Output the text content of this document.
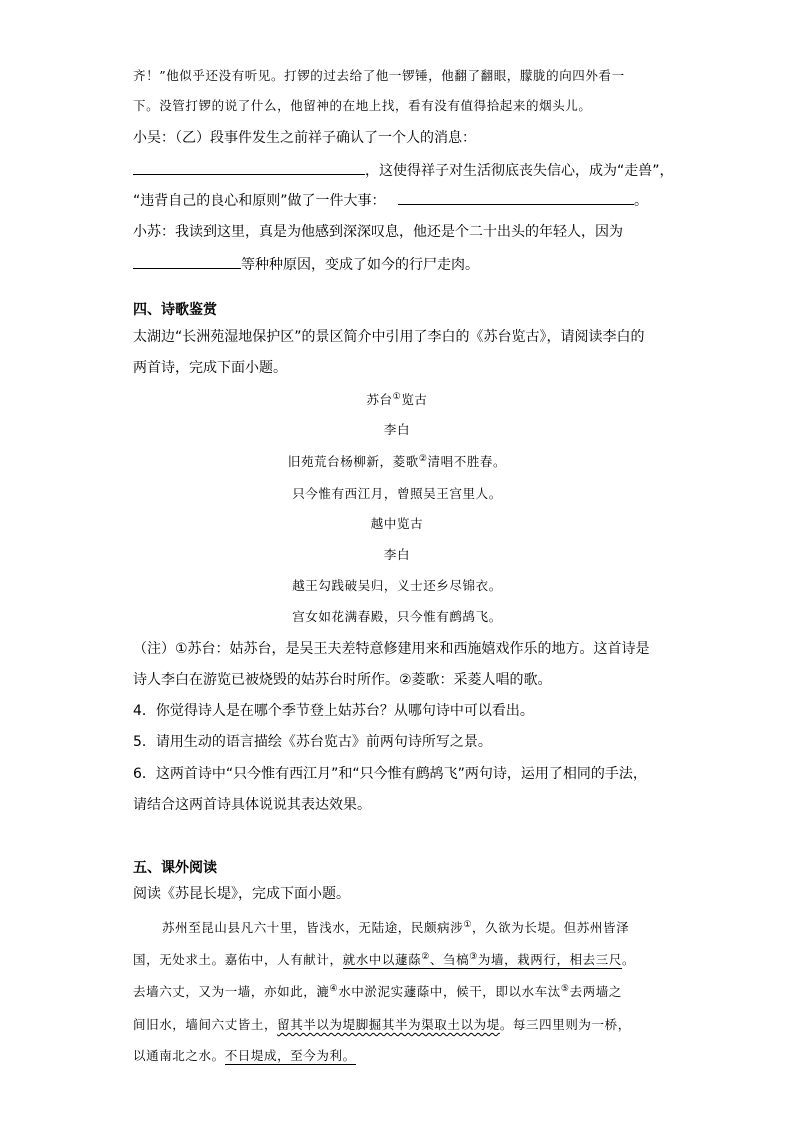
齐！”他似乎还没有听见。打锣的过去给了他一锣锤，他翻了翻眼，朦胧的向四外看一
下。没管打锣的说了什么，他留神的在地上找，看有没有值得拾起来的烟头儿。
小吴：（乙）段事件发生之前祥子确认了一个人的消息：
，这使得祥子对生活彻底丧失信心，成为“走兽”，
“违背自己的良心和原则”做了一件大事：	。
小苏：我读到这里，真是为他感到深深叹息，他还是个二十出头的年轻人，因为
等种种原因，变成了如今的行尸走肉。
四、诗歌鉴赏
太湖边“长洲苑湿地保护区”的景区简介中引用了李白的《苏台览古》，请阅读李白的
两首诗，完成下面小题。
苏台①览古
李白
旧苑荒台杨柳新，菱歌②清唱不胜春。
只今惟有西江月，曾照吴王宫里人。
越中览古
李白
越王勾践破吴归，义士还乡尽锦衣。
宫女如花满春殿，只今惟有鹧鸪飞。
（注）①苏台：姑苏台，是吴王夫差特意修建用来和西施嬉戏作乐的地方。这首诗是
诗人李白在游览已被烧毁的姑苏台时所作。②菱歌：采菱人唱的歌。
4．你觉得诗人是在哪个季节登上姑苏台？从哪句诗中可以看出。
5．请用生动的语言描绘《苏台览古》前两句诗所写之景。
6．这两首诗中“只今惟有西江月”和“只今惟有鹧鸪飞”两句诗，运用了相同的手法，
请结合这两首诗具体说说其表达效果。
五、课外阅读
阅读《苏昆长堤》，完成下面小题。
苏州至昆山县凡六十里，皆浅水，无陆途，民颇病涉①，久欲为长堤。但苏州皆泽
国，无处求土。嘉佑中，人有献计，就水中以蘧蒢②、刍槁③为墙，栽两行，相去三尺。
去墙六丈，又为一墙，亦如此，漉④水中淤泥实蘧蒢中，候干，即以水车汰⑤去两墙之
间旧水，墙间六丈皆土，留其半以为堤脚掘其半为渠取土以为堤。每三四里则为一桥，
以通南北之水。不日堤成，至今为利。
